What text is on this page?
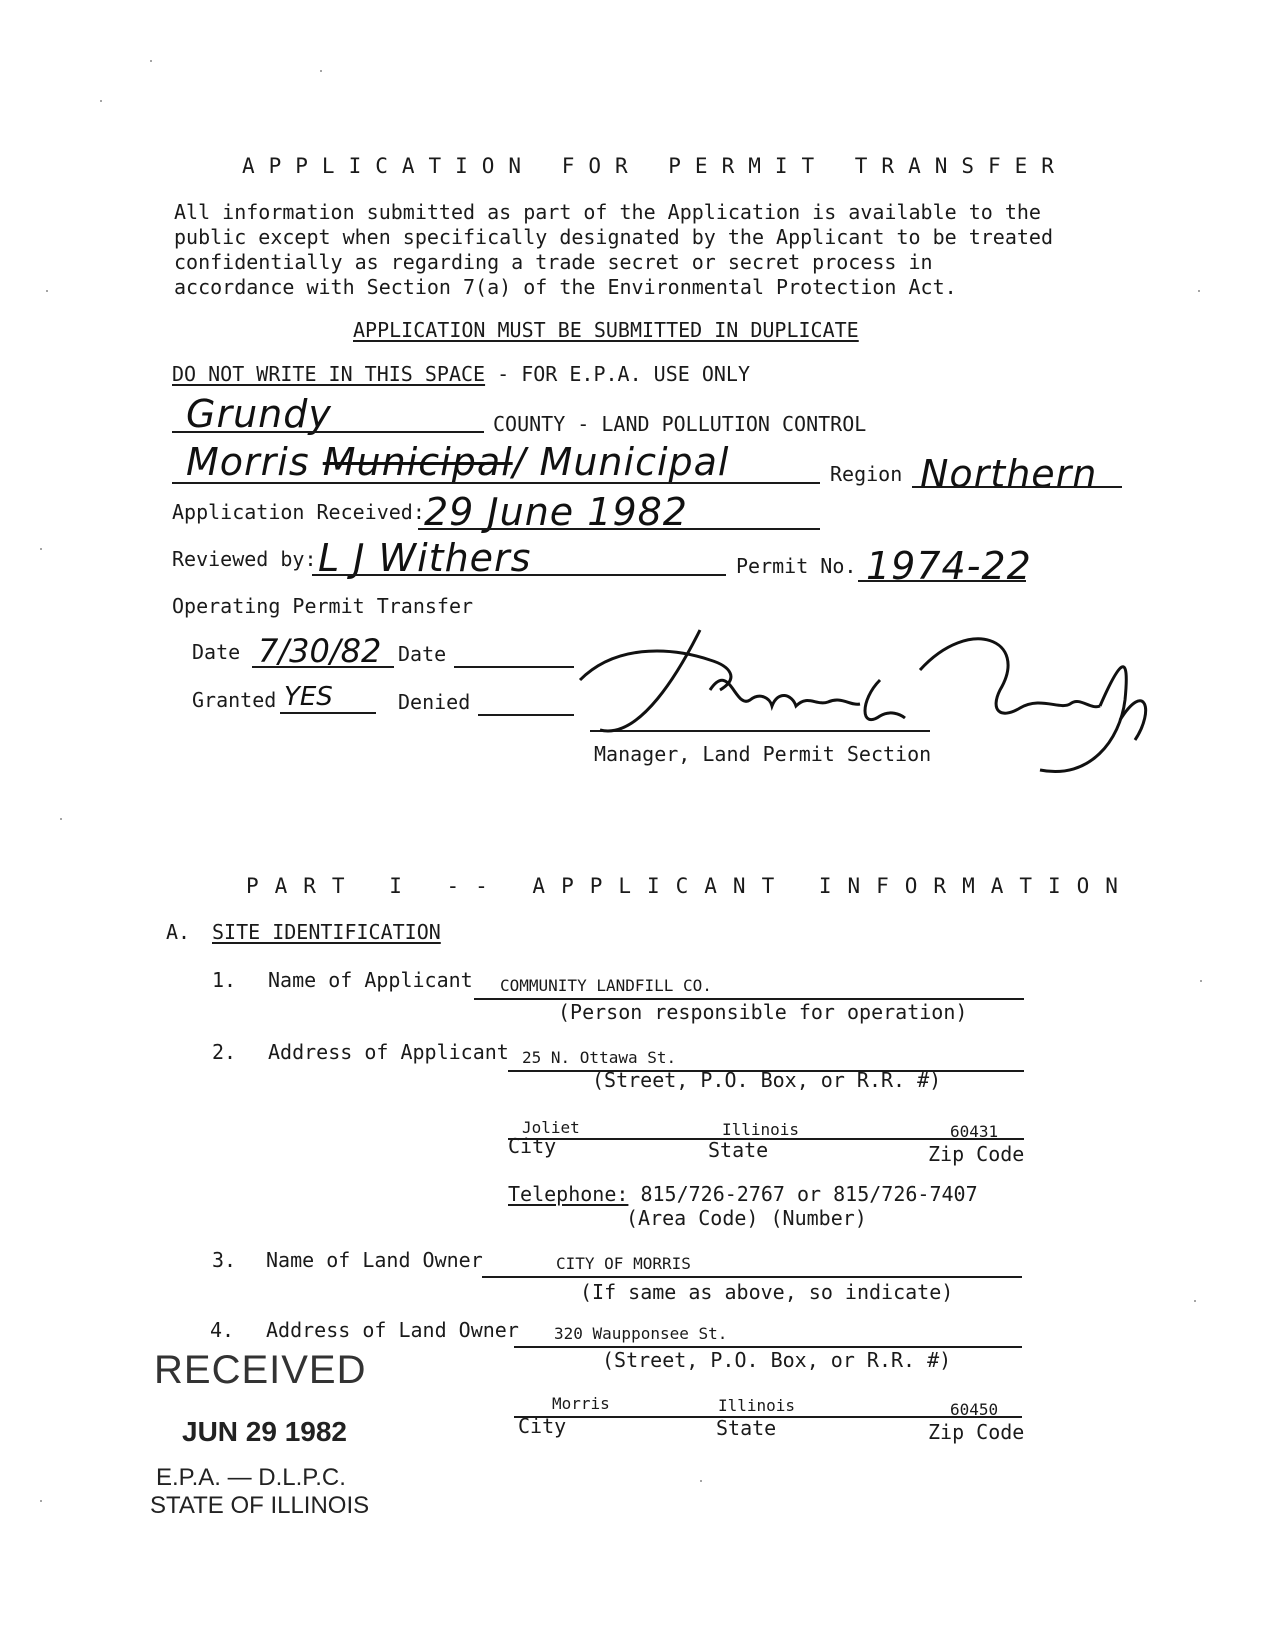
APPLICATION FOR PERMIT TRANSFER
All information submitted as part of the Application is available to the
public except when specifically designated by the Applicant to be treated
confidentially as regarding a trade secret or secret process in
accordance with Section 7(a) of the Environmental Protection Act.
APPLICATION MUST BE SUBMITTED IN DUPLICATE
DO NOT WRITE IN THIS SPACE - FOR E.P.A. USE ONLY
Grundy	COUNTY - LAND POLLUTION CONTROL
Morris Municipal/ Municipal	Region Northern
Application Received: 29 June 1982
Reviewed by: L J Withers	Permit No. 1974-22
Operating Permit Transfer
Date 7/30/82 Date
Granted YES	Denied
Manager, Land Permit Section
PART I -- APPLICANT INFORMATION
A. SITE IDENTIFICATION
1. Name of Applicant COMMUNITY LANDFILL CO.
(Person responsible for operation)
2. Address of Applicant 25 N. Ottawa St.
(Street, P.O. Box, or R.R. #)
Joliet	Illinois	60431
City	State	Zip Code
Telephone: 815/726-2767 or 815/726-7407
(Area Code) (Number)
3. Name of Land Owner	CITY OF MORRIS
(If same as above, so indicate)
4. Address of Land Owner 320 Waupponsee St.
(Street, P.O. Box, or R.R. #)
Morris	Illinois	60450
City	State	Zip Code
RECEIVED
JUN 29 1982
E.P.A. — D.L.P.C.
STATE OF ILLINOIS
